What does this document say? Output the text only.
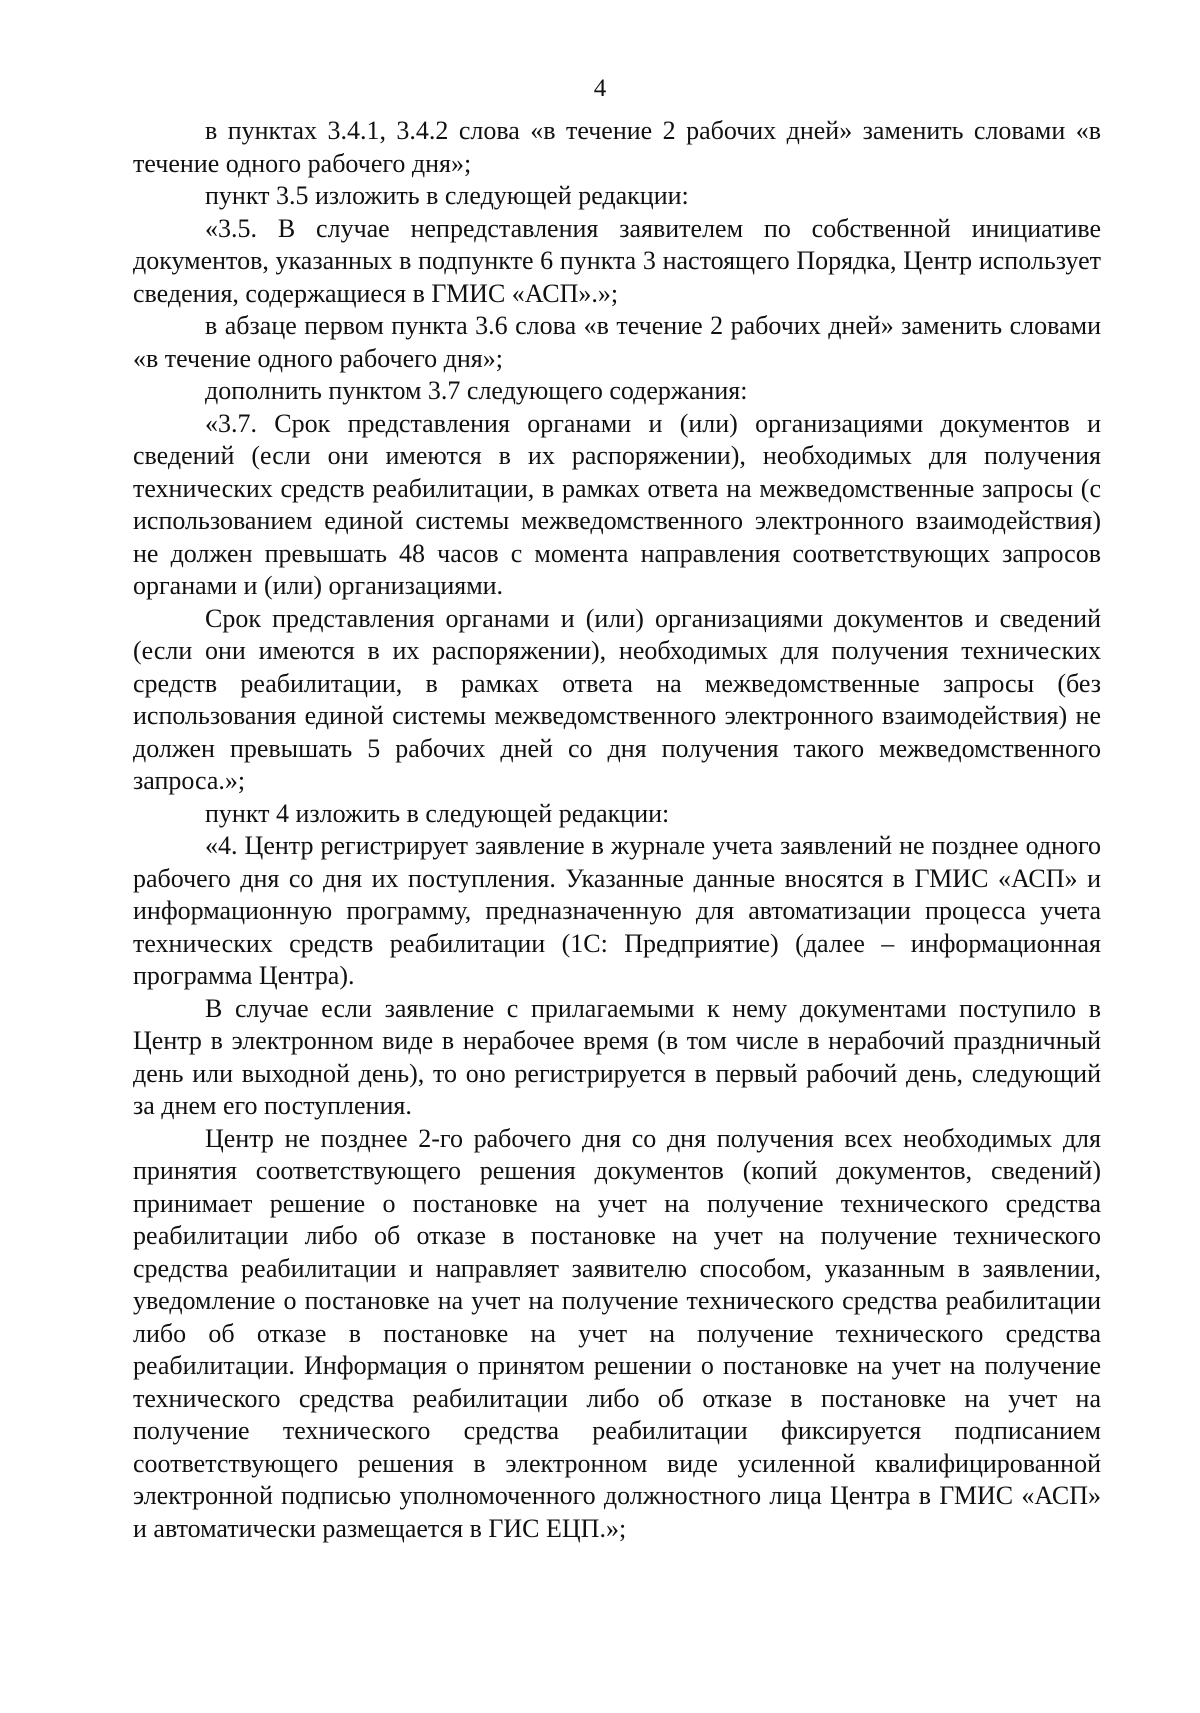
4

в пунктах 3.4.1, 3.4.2 слова «в течение 2 рабочих дней» заменить словами «в течение одного рабочего дня»;

пункт 3.5 изложить в следующей редакции:

«3.5. В случае непредставления заявителем по собственной инициативе документов, указанных в подпункте 6 пункта 3 настоящего Порядка, Центр использует сведения, содержащиеся в ГМИС «АСП».»;

в абзаце первом пункта 3.6 слова «в течение 2 рабочих дней» заменить словами «в течение одного рабочего дня»;

дополнить пунктом 3.7 следующего содержания:

«3.7. Срок представления органами и (или) организациями документов и сведений (если они имеются в их распоряжении), необходимых для получения технических средств реабилитации, в рамках ответа на межведомственные запросы (с использованием единой системы межведомственного электронного взаимодействия) не должен превышать 48 часов с момента направления соответствующих запросов органами и (или) организациями.

Срок представления органами и (или) организациями документов и сведений (если они имеются в их распоряжении), необходимых для получения технических средств реабилитации, в рамках ответа на межведомственные запросы (без использования единой системы межведомственного электронного взаимодействия) не должен превышать 5 рабочих дней со дня получения такого межведомственного запроса.»;

пункт 4 изложить в следующей редакции:

«4. Центр регистрирует заявление в журнале учета заявлений не позднее одного рабочего дня со дня их поступления. Указанные данные вносятся в ГМИС «АСП» и информационную программу, предназначенную для автоматизации процесса учета технических средств реабилитации (1С: Предприятие) (далее – информационная программа Центра).

В случае если заявление с прилагаемыми к нему документами поступило в Центр в электронном виде в нерабочее время (в том числе в нерабочий праздничный день или выходной день), то оно регистрируется в первый рабочий день, следующий за днем его поступления.

Центр не позднее 2-го рабочего дня со дня получения всех необходимых для принятия соответствующего решения документов (копий документов, сведений) принимает решение о постановке на учет на получение технического средства реабилитации либо об отказе в постановке на учет на получение технического средства реабилитации и направляет заявителю способом, указанным в заявлении, уведомление о постановке на учет на получение технического средства реабилитации либо об отказе в постановке на учет на получение технического средства реабилитации. Информация о принятом решении о постановке на учет на получение технического средства реабилитации либо об отказе в постановке на учет на получение технического средства реабилитации фиксируется подписанием соответствующего решения в электронном виде усиленной квалифицированной электронной подписью уполномоченного должностного лица Центра в ГМИС «АСП» и автоматически размещается в ГИС ЕЦП.»;
